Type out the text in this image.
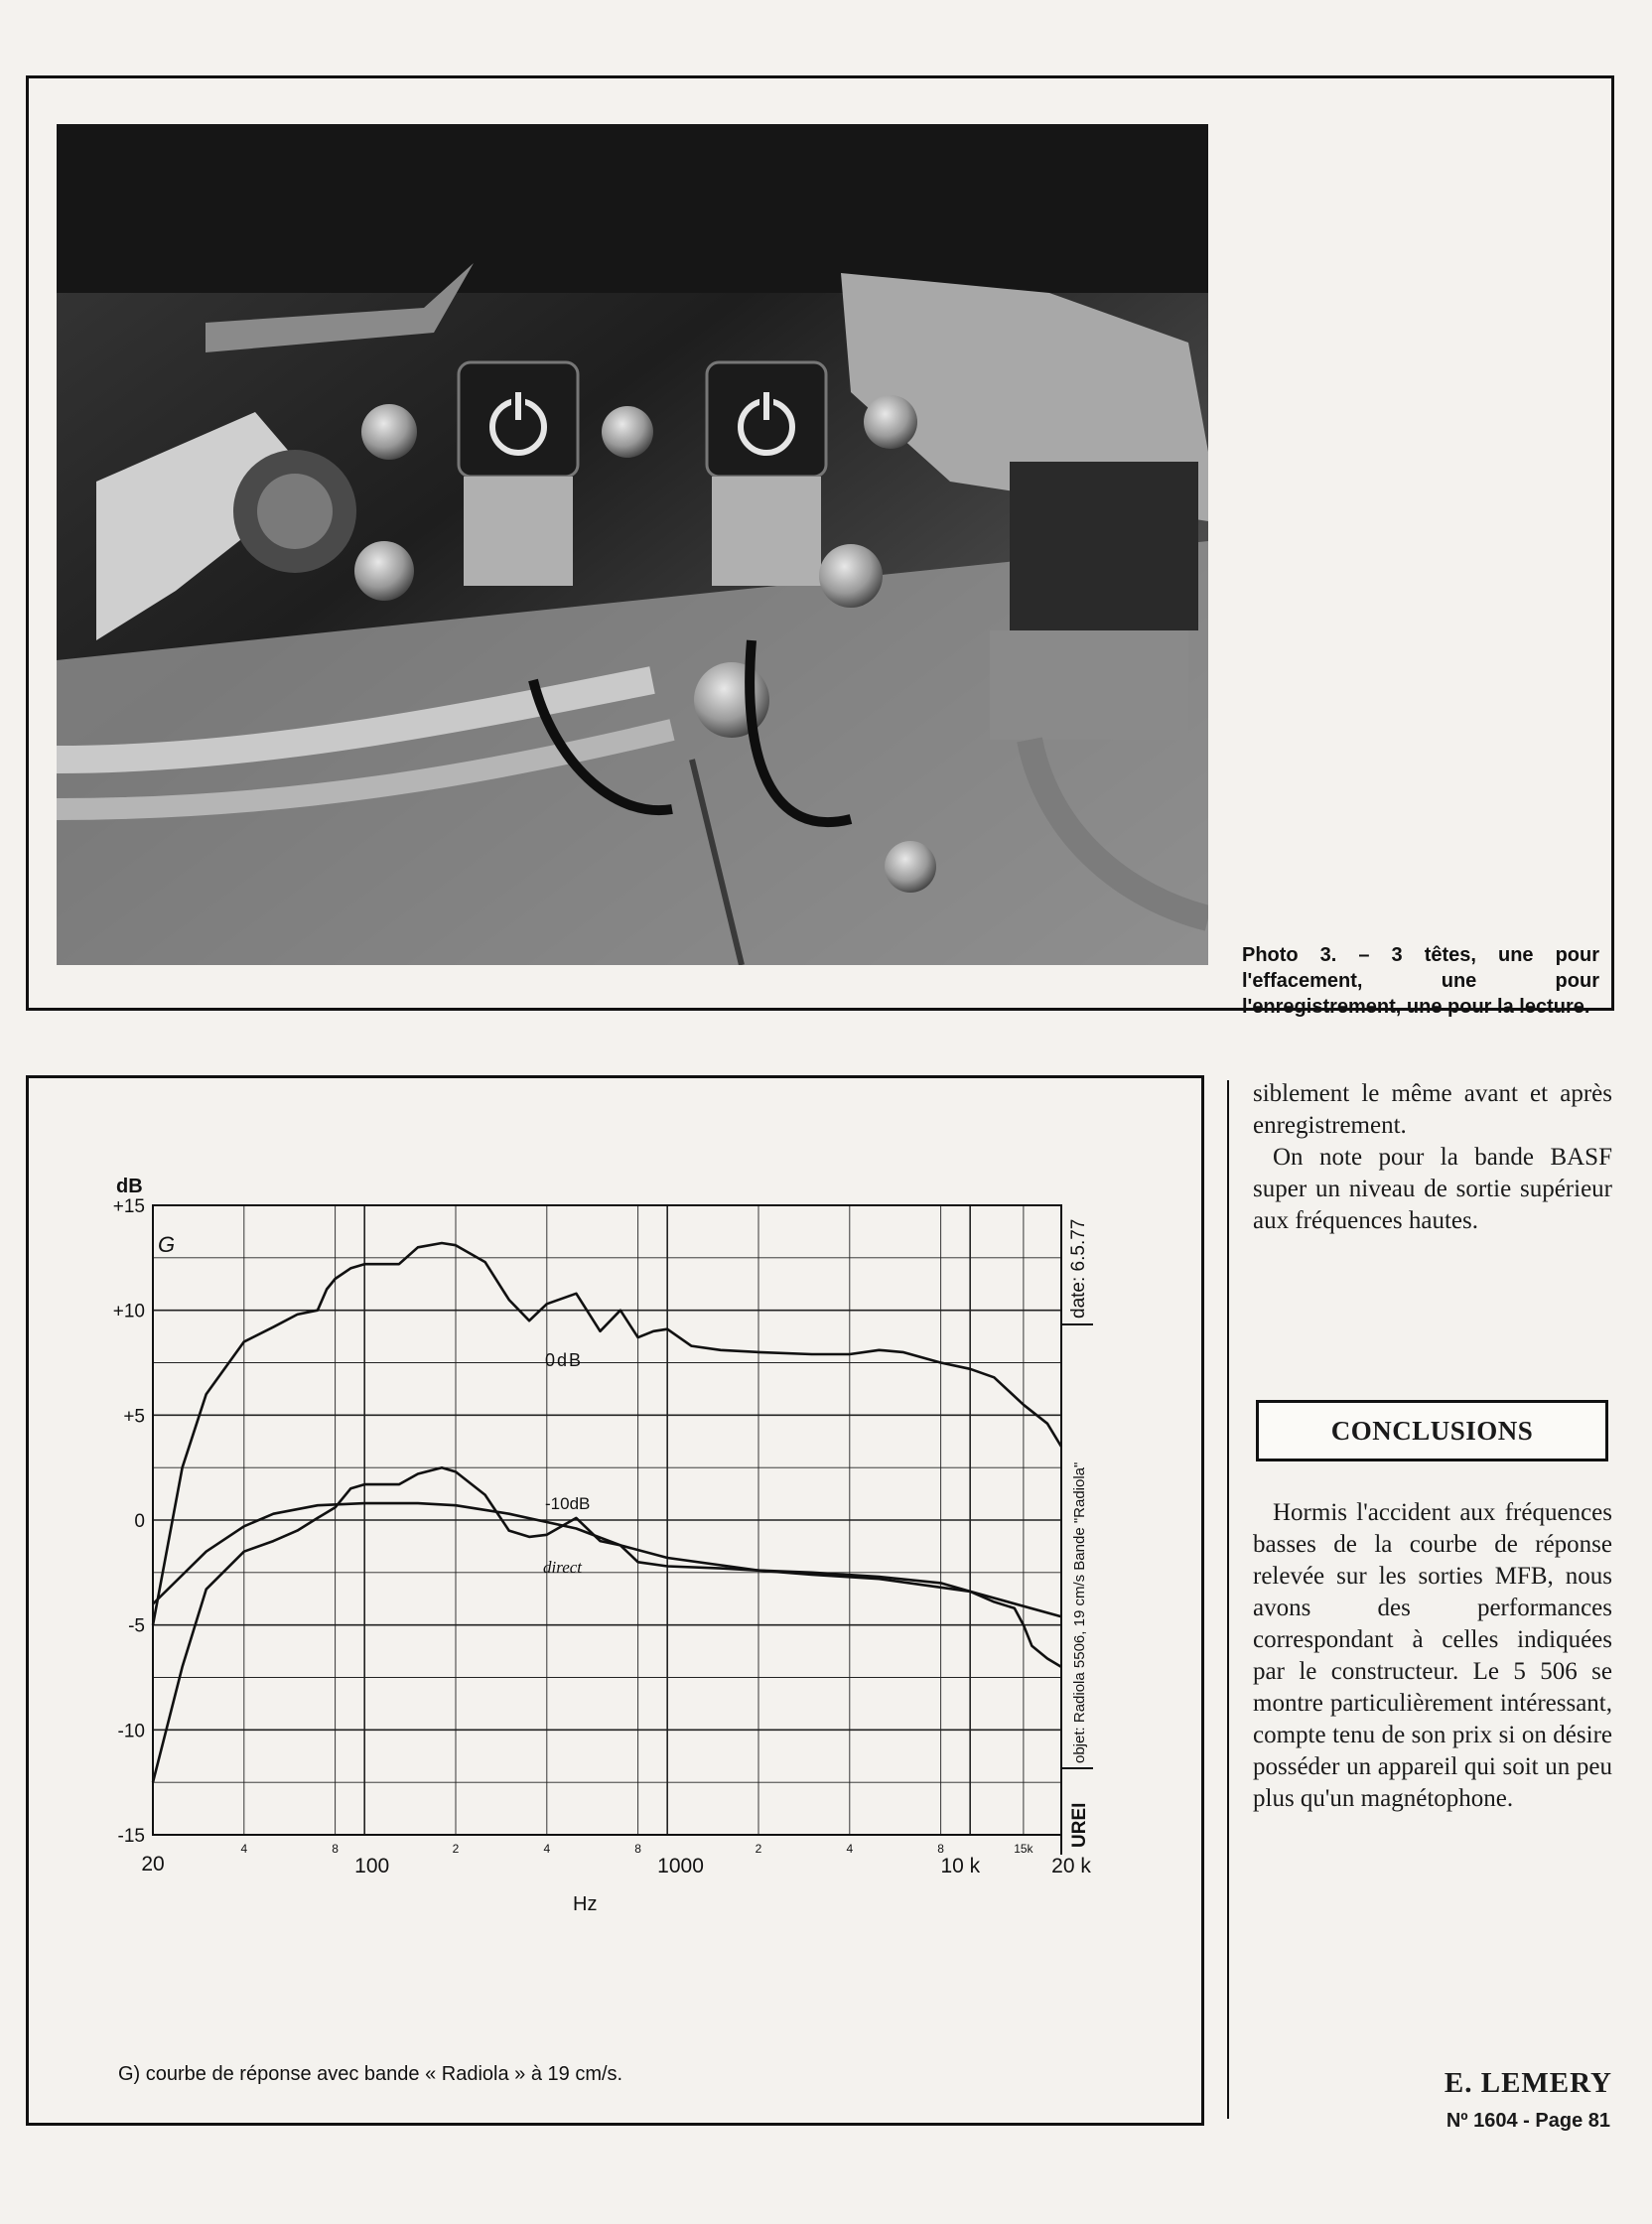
Photo 3. – 3 têtes, une pour l'effacement, une pour l'enregistrement, une pour la lecture.
+15
+10
+5
0
-5
-10
-15
20	100	1000	10 k	20 k
4	8	2	4	8	2	4	8	15k
dB
Hz
G
0dB
-10dB
direct
date: 6.5.77
objet: Radiola 5506, 19 cm/s Bande "Radiola"
UREI
G) courbe de réponse avec bande « Radiola » à 19 cm/s.

siblement le même avant et après enregistrement.

On note pour la bande BASF super un niveau de sortie supérieur aux fréquences hautes.

CONCLUSIONS

Hormis l'accident aux fréquences basses de la courbe de réponse relevée sur les sorties MFB, nous avons des performances correspondant à celles indiquées par le constructeur. Le 5 506 se montre particulièrement intéressant, compte tenu de son prix si on désire posséder un appareil qui soit un peu plus qu'un magnétophone.

E. LEMERY
Nº 1604 - Page 81
